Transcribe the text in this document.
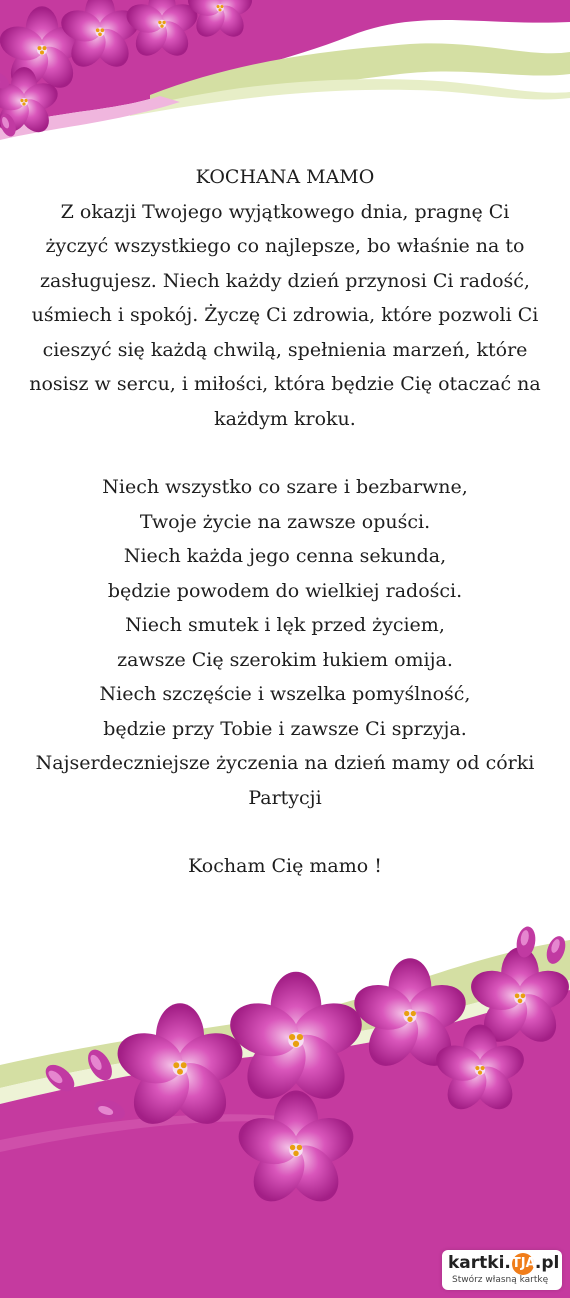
KOCHANA MAMO

Z okazji Twojego wyjątkowego dnia, pragnę Ci

życzyć wszystkiego co najlepsze, bo właśnie na to

zasługujesz. Niech każdy dzień przynosi Ci radość,

uśmiech i spokój. Życzę Ci zdrowia, które pozwoli Ci

cieszyć się każdą chwilą, spełnienia marzeń, które

nosisz w sercu, i miłości, która będzie Cię otaczać na

każdym kroku.

Niech wszystko co szare i bezbarwne,

Twoje życie na zawsze opuści.

Niech każda jego cenna sekunda,

będzie powodem do wielkiej radości.

Niech smutek i lęk przed życiem,

zawsze Cię szerokim łukiem omija.

Niech szczęście i wszelka pomyślność,

będzie przy Tobie i zawsze Ci sprzyja.

Najserdeczniejsze życzenia na dzień mamy od córki

Partycji

Kocham Cię mamo !

kartki.TJA.pl
Stwórz własną kartkę
